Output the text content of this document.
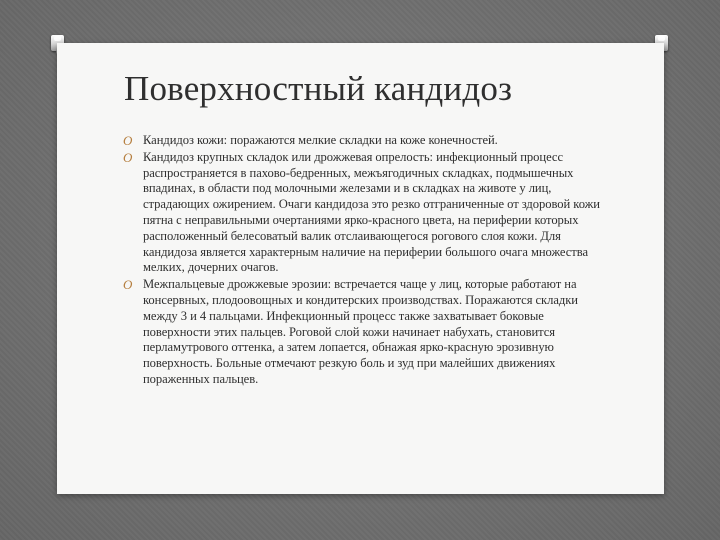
Поверхностный кандидоз
O Кандидоз кожи: поражаются мелкие складки на коже конечностей.
O Кандидоз крупных складок или дрожжевая опрелость: инфекционный процесс распространяется в пахово-бедренных, межъягодичных складках, подмышечных впадинах, в области под молочными железами и в складках на животе у лиц, страдающих ожирением. Очаги кандидоза это резко отграниченные от здоровой кожи пятна с неправильными очертаниями ярко-красного цвета, на периферии которых расположенный белесоватый валик отслаивающегося рогового слоя кожи. Для кандидоза является характерным наличие на периферии большого очага множества мелких, дочерних очагов.
O Межпальцевые дрожжевые эрозии: встречается чаще у лиц, которые работают на консервных, плодоовощных и кондитерских производствах. Поражаются складки между 3 и 4 пальцами. Инфекционный процесс также захватывает боковые поверхности этих пальцев. Роговой слой кожи начинает набухать, становится перламутрового оттенка, а затем лопается, обнажая ярко-красную эрозивную поверхность. Больные отмечают резкую боль и зуд при малейших движениях пораженных пальцев.
